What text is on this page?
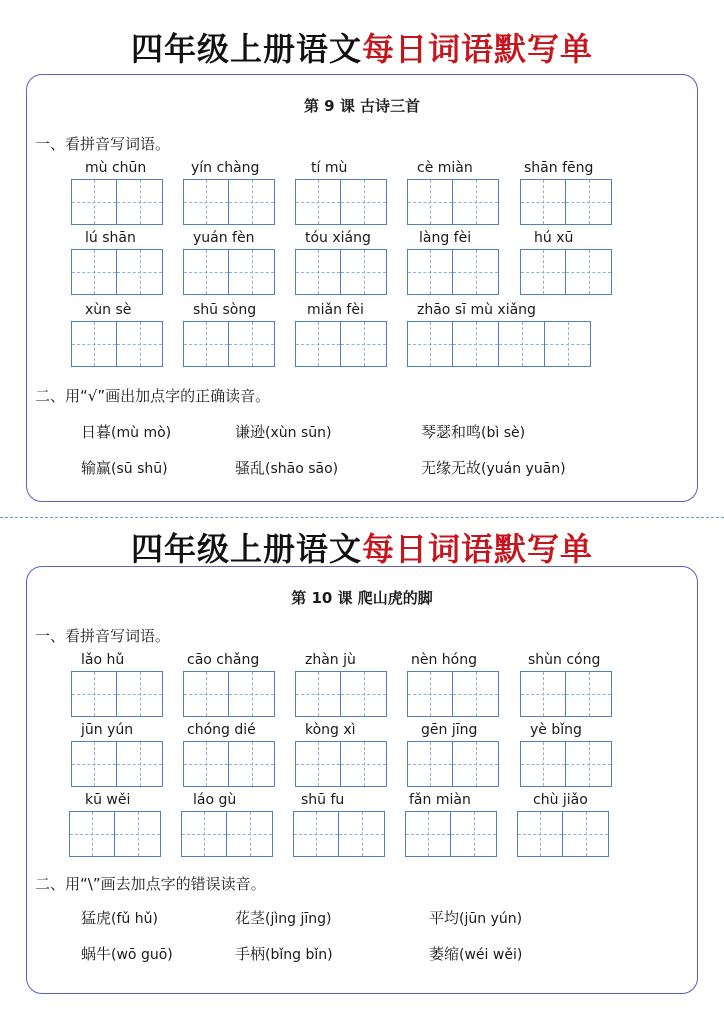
四年级上册语文每日词语默写单
第 9 课 古诗三首
一、看拼音写词语。
mù chūn	yín chàng	tí mù	cè miàn	shān fēng
lú shān	yuán fèn	tóu xiáng	làng fèi	hú xū
xùn sè	shū sòng	miǎn fèi	zhāo sī mù xiǎng
二、用“√”画出加点字的正确读音。
日暮(mù mò)	谦逊(xùn sūn)	琴瑟和鸣(bì sè)
输赢(sū shū)	骚乱(shāo sāo)	无缘无故(yuán yuān)
四年级上册语文每日词语默写单
第 10 课 爬山虎的脚
一、看拼音写词语。
lǎo hǔ	cāo chǎng	zhàn jù	nèn hóng	shùn cóng
jūn yún	chóng dié	kòng xì	gēn jīng	yè bǐng
kū wěi	láo gù	shū fu	fǎn miàn	chù jiǎo
二、用“\”画去加点字的错误读音。
猛虎(fǔ hǔ)	花茎(jìng jīng)	平均(jūn yún)
蜗牛(wō guō)	手柄(bǐng bǐn)	萎缩(wéi wěi)
